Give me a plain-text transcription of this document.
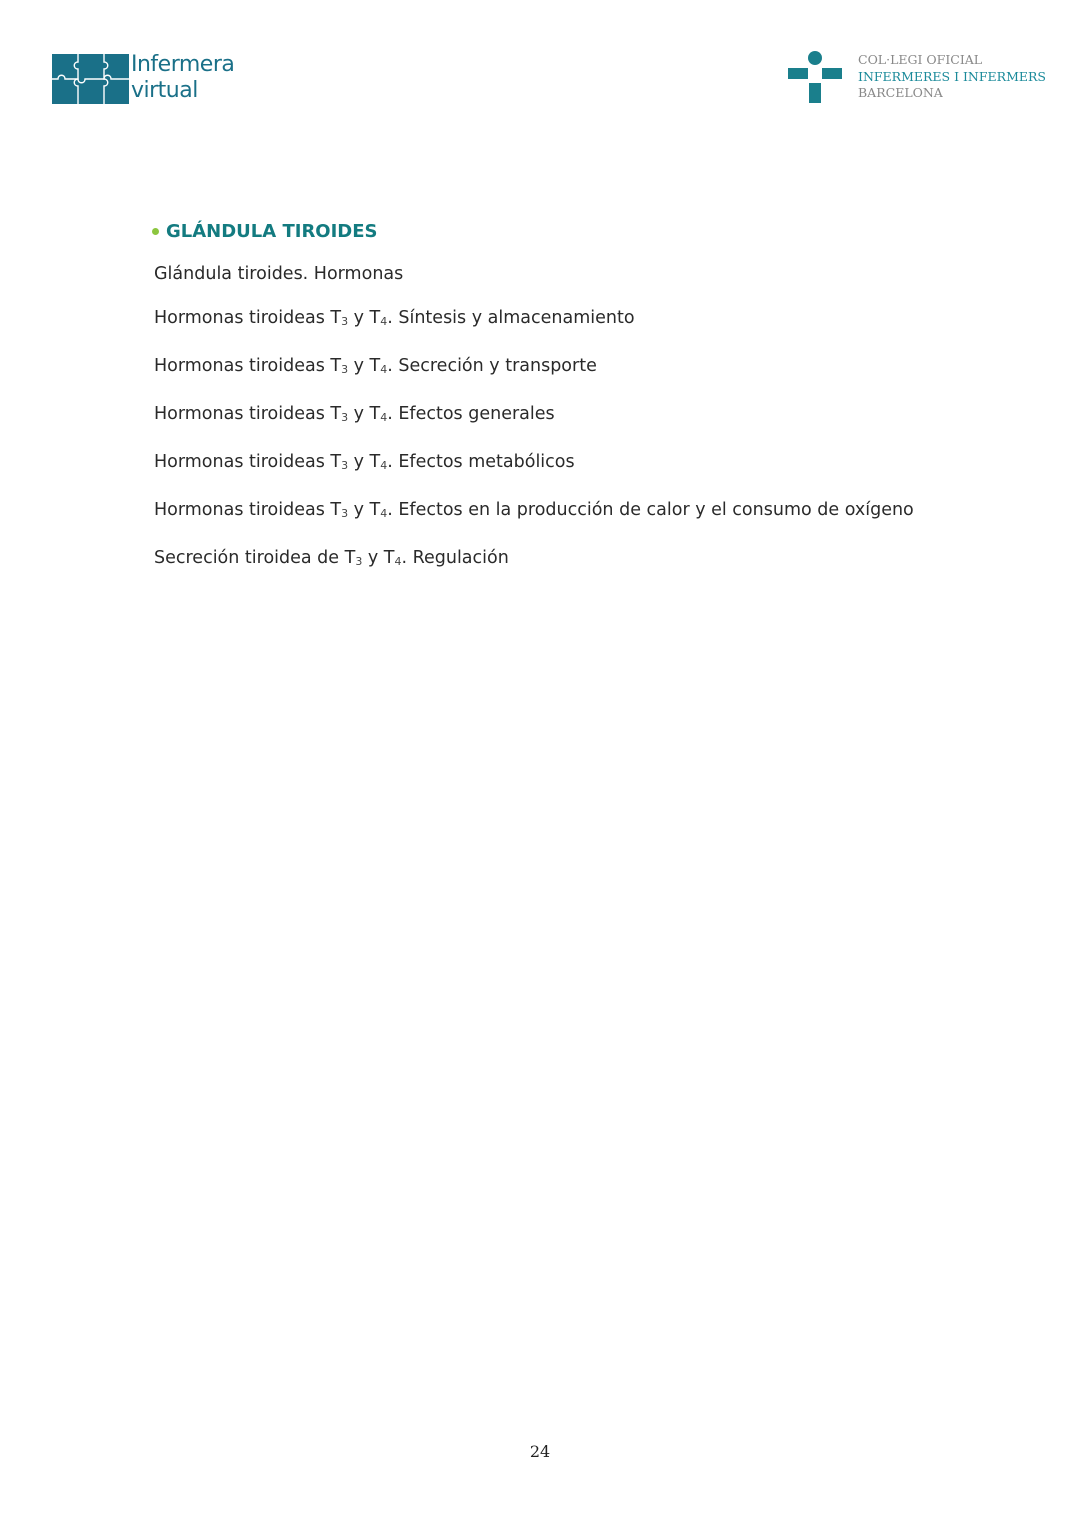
Infermera
virtual
COL·LEGI OFICIAL
INFERMERES I INFERMERS
BARCELONA
GLÁNDULA TIROIDES

Glándula tiroides. Hormonas

Hormonas tiroideas $T_3$ y $T_4$. Síntesis y almacenamiento

Hormonas tiroideas $T_3$ y $T_4$. Secreción y transporte

Hormonas tiroideas $T_3$ y $T_4$. Efectos generales

Hormonas tiroideas $T_3$ y $T_4$. Efectos metabólicos

Hormonas tiroideas $T_3$ y $T_4$. Efectos en la producción de calor y el consumo de oxígeno

Secreción tiroidea de $T_3$ y $T_4$. Regulación

24
